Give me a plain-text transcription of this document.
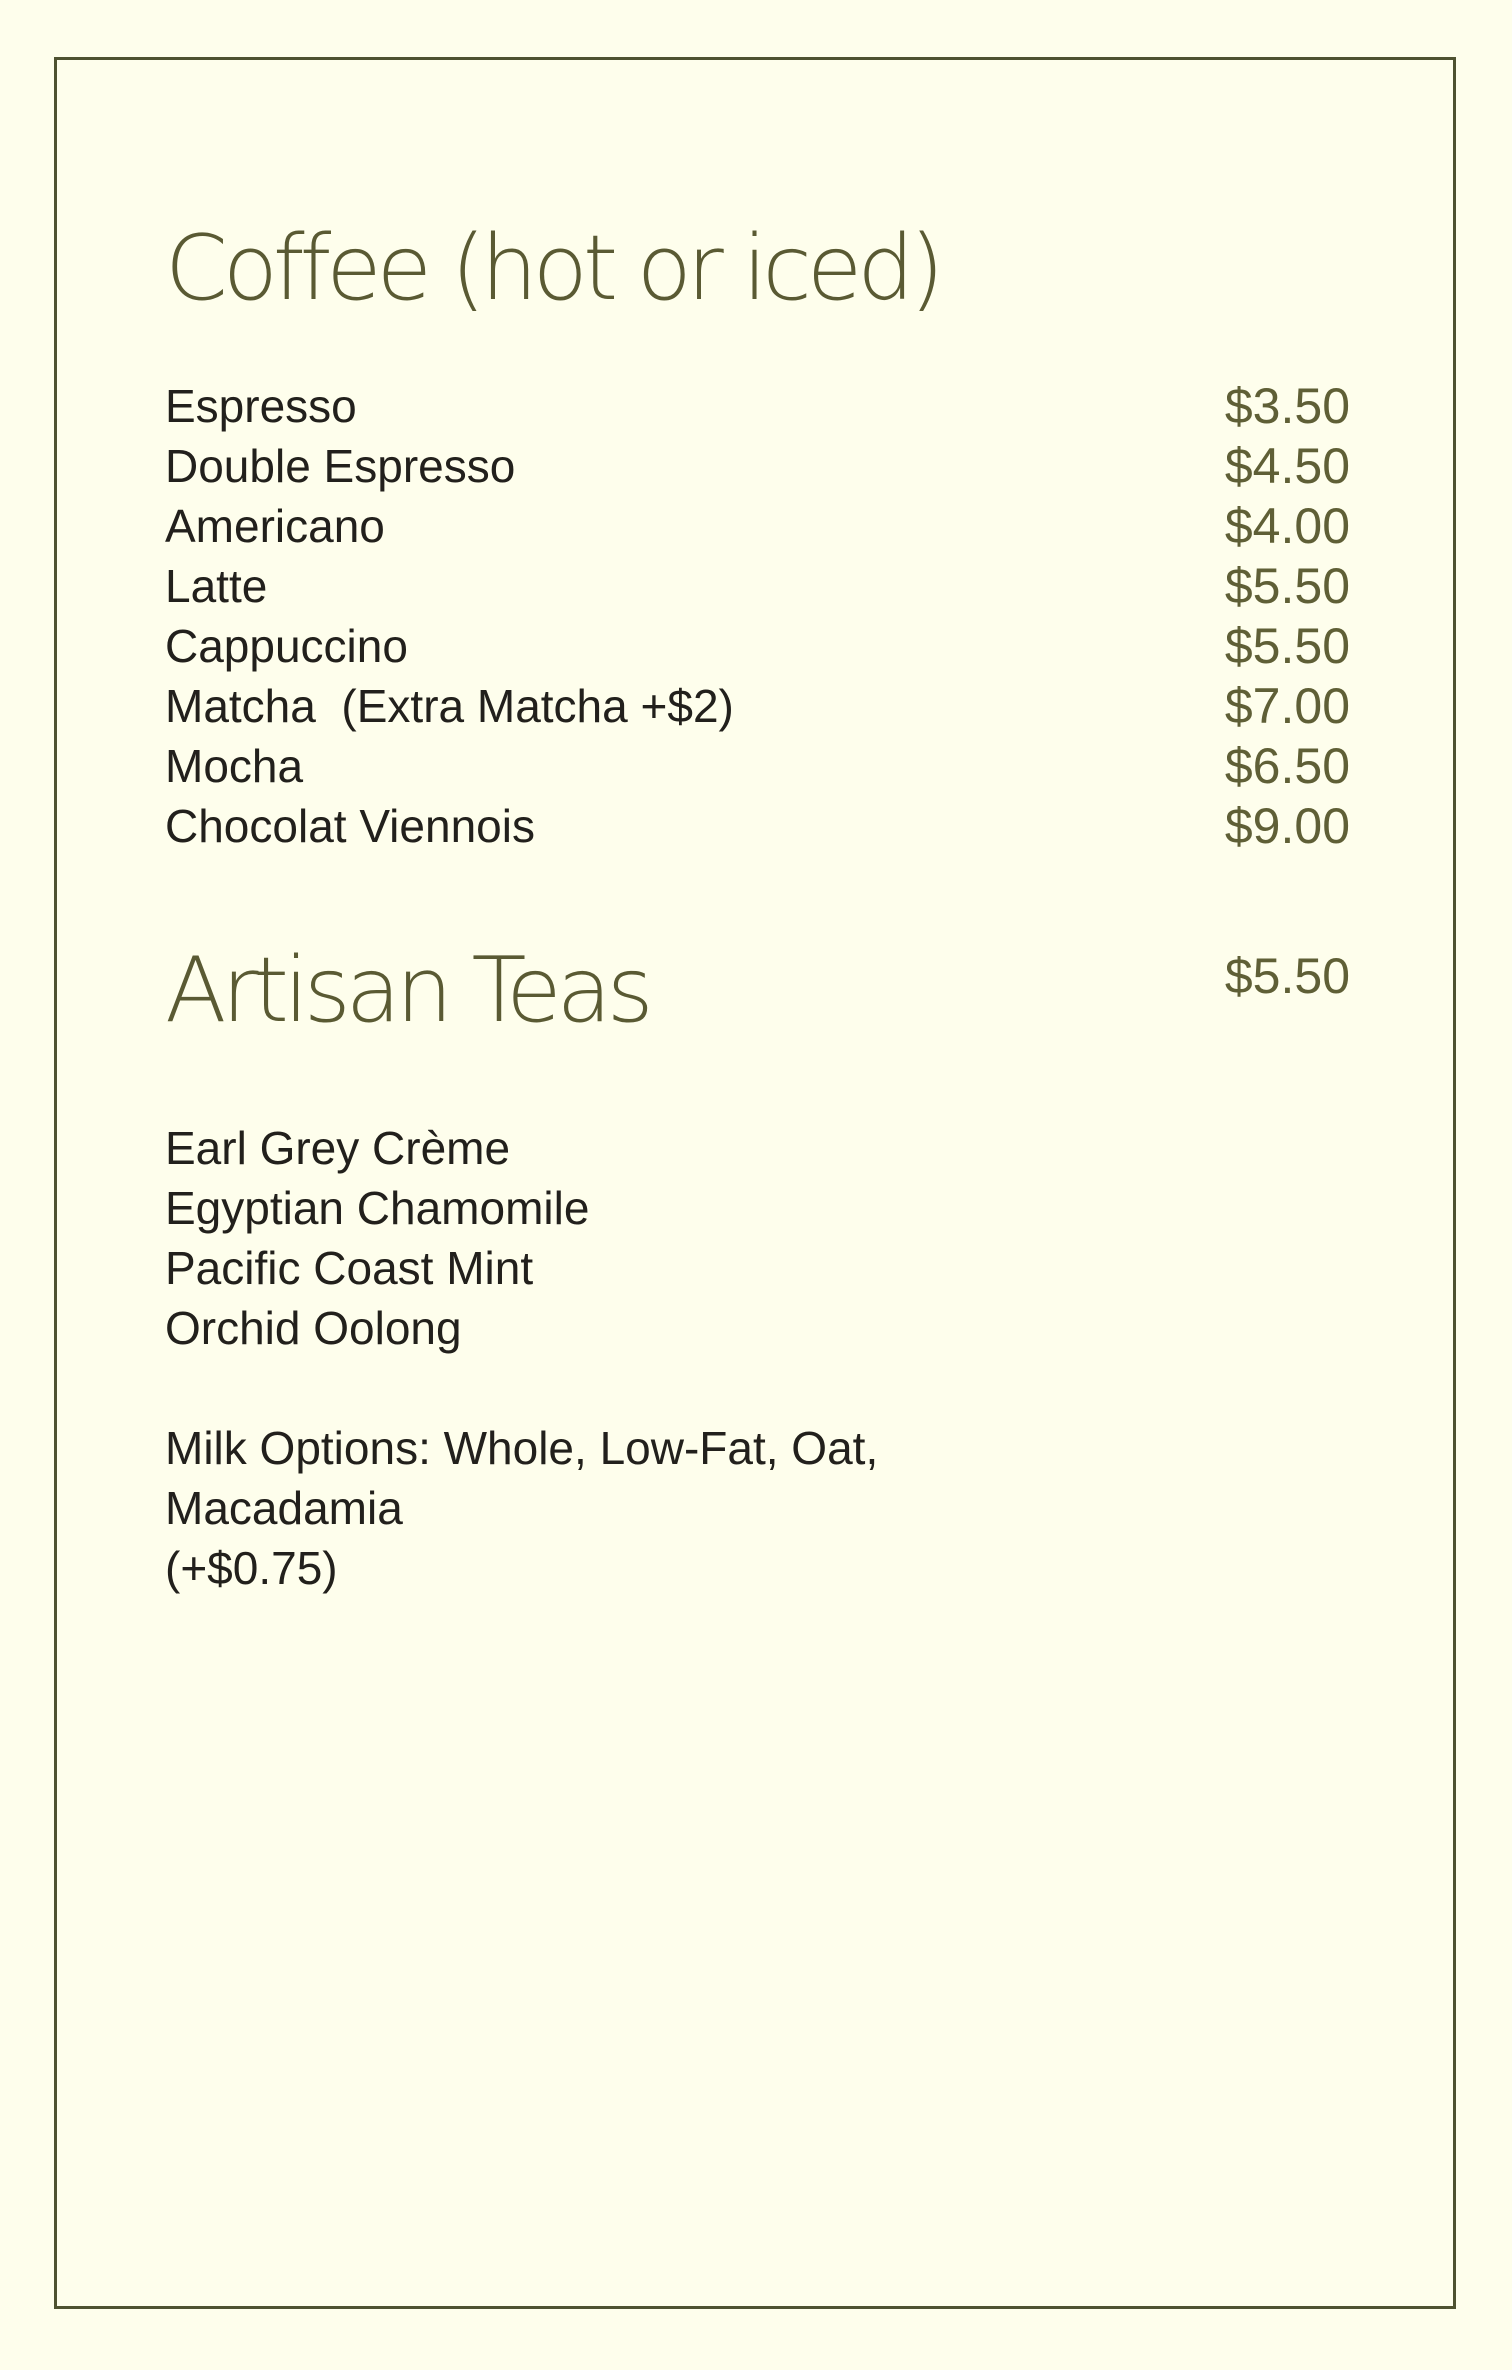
Coffee (hot or iced)
Espresso	$3.50
Double Espresso	$4.50
Americano	$4.00
Latte	$5.50
Cappuccino	$5.50
Matcha  (Extra Matcha +$2)	$7.00
Mocha	$6.50
Chocolat Viennois	$9.00
Artisan Teas	$5.50
Earl Grey Crème
Egyptian Chamomile
Pacific Coast Mint
Orchid Oolong
Milk Options: Whole, Low-Fat, Oat,
Macadamia
(+$0.75)
